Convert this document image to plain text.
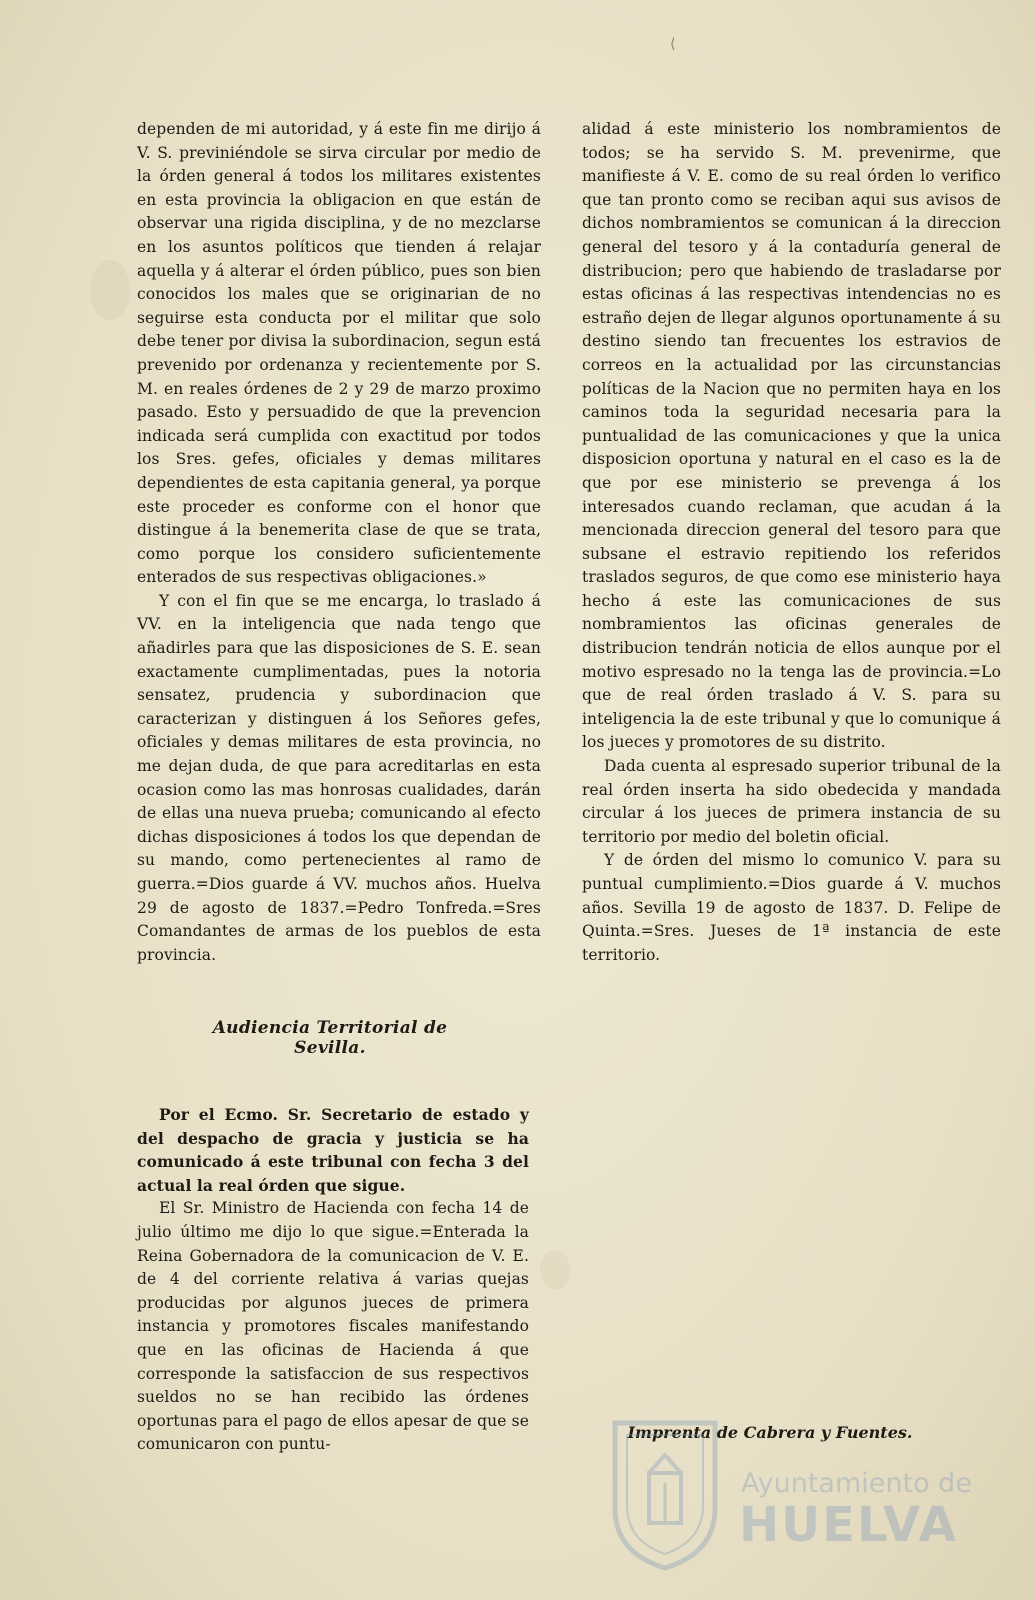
⟨

dependen de mi autoridad, y á este fin me dirijo á V. S. previniéndole se sirva circular por medio de la órden general á todos los militares existentes en esta provincia la obligacion en que están de observar una rigida disciplina, y de no mezclarse en los asuntos políticos que tienden á relajar aquella y á alterar el órden público, pues son bien conocidos los males que se originarian de no seguirse esta conducta por el militar que solo debe tener por divisa la subordinacion, segun está prevenido por ordenanza y recientemente por S. M. en reales órdenes de 2 y 29 de marzo proximo pasado. Esto y persuadido de que la prevencion indicada será cumplida con exactitud por todos los Sres. gefes, oficiales y demas militares dependientes de esta capitania general, ya porque este proceder es conforme con el honor que distingue á la benemerita clase de que se trata, como porque los considero suficientemente enterados de sus respectivas obligaciones.»

Y con el fin que se me encarga, lo traslado á VV. en la inteligencia que nada tengo que añadirles para que las disposiciones de S. E. sean exactamente cumplimentadas, pues la notoria sensatez, prudencia y subordinacion que caracterizan y distinguen á los Señores gefes, oficiales y demas militares de esta provincia, no me dejan duda, de que para acreditarlas en esta ocasion como las mas honrosas cualidades, darán de ellas una nueva prueba; comunicando al efecto dichas disposiciones á todos los que dependan de su mando, como pertenecientes al ramo de guerra.=Dios guarde á VV. muchos años. Huelva 29 de agosto de 1837.=Pedro Tonfreda.=Sres Comandantes de armas de los pueblos de esta provincia.

Audiencia Territorial de Sevilla.

Por el Ecmo. Sr. Secretario de estado y del despacho de gracia y justicia se ha comunicado á este tribunal con fecha 3 del actual la real órden que sigue.

El Sr. Ministro de Hacienda con fecha 14 de julio último me dijo lo que sigue.=Enterada la Reina Gobernadora de la comunicacion de V. E. de 4 del corriente relativa á varias quejas producidas por algunos jueces de primera instancia y promotores fiscales manifestando que en las oficinas de Hacienda á que corresponde la satisfaccion de sus respectivos sueldos no se han recibido las órdenes oportunas para el pago de ellos apesar de que se comunicaron con puntu-

alidad á este ministerio los nombramientos de todos; se ha servido S. M. prevenirme, que manifieste á V. E. como de su real órden lo verifico que tan pronto como se reciban aqui sus avisos de dichos nombramientos se comunican á la direccion general del tesoro y á la contaduría general de distribucion; pero que habiendo de trasladarse por estas oficinas á las respectivas intendencias no es estraño dejen de llegar algunos oportunamente á su destino siendo tan frecuentes los estravios de correos en la actualidad por las circunstancias políticas de la Nacion que no permiten haya en los caminos toda la seguridad necesaria para la puntualidad de las comunicaciones y que la unica disposicion oportuna y natural en el caso es la de que por ese ministerio se prevenga á los interesados cuando reclaman, que acudan á la mencionada direccion general del tesoro para que subsane el estravio repitiendo los referidos traslados seguros, de que como ese ministerio haya hecho á este las comunicaciones de sus nombramientos las oficinas generales de distribucion tendrán noticia de ellos aunque por el motivo espresado no la tenga las de provincia.=Lo que de real órden traslado á V. S. para su inteligencia la de este tribunal y que lo comunique á los jueces y promotores de su distrito.

Dada cuenta al espresado superior tribunal de la real órden inserta ha sido obedecida y mandada circular á los jueces de primera instancia de su territorio por medio del boletin oficial.

Y de órden del mismo lo comunico V. para su puntual cumplimiento.=Dios guarde á V. muchos años. Sevilla 19 de agosto de 1837. D. Felipe de Quinta.=Sres. Jueses de 1ª instancia de este territorio.

Imprenta de Cabrera y Fuentes.
Ayuntamiento de
HUELVA
